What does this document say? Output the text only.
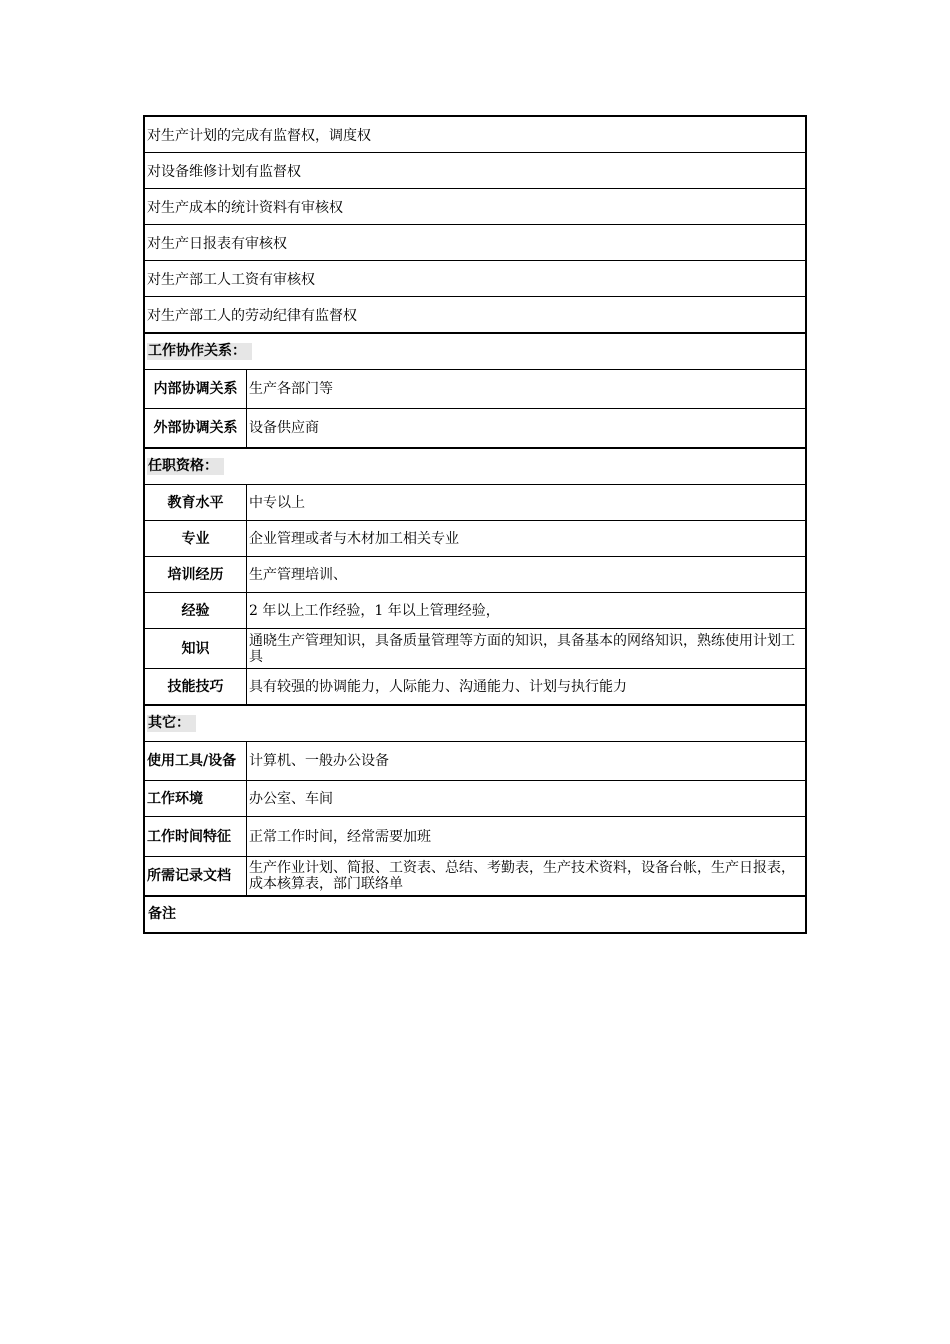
对生产计划的完成有监督权，调度权
对设备维修计划有监督权
对生产成本的统计资料有审核权
对生产日报表有审核权
对生产部工人工资有审核权
对生产部工人的劳动纪律有监督权
工作协作关系：
内部协调关系 生产各部门等
外部协调关系 设备供应商
任职资格：
教育水平	中专以上
专业	企业管理或者与木材加工相关专业
培训经历	生产管理培训、
经验	2 年以上工作经验，1 年以上管理经验，
知识	通晓生产管理知识，具备质量管理等方面的知识，具备基本的网络知识，熟练使用计划工具
技能技巧	具有较强的协调能力，人际能力、沟通能力、计划与执行能力
其它：
使用工具/设备 计算机、一般办公设备
工作环境	办公室、车间
工作时间特征	正常工作时间，经常需要加班
所需记录文档	生产作业计划、简报、工资表、总结、考勤表，生产技术资料，设备台帐，生产日报表，成本核算表，部门联络单
备注
